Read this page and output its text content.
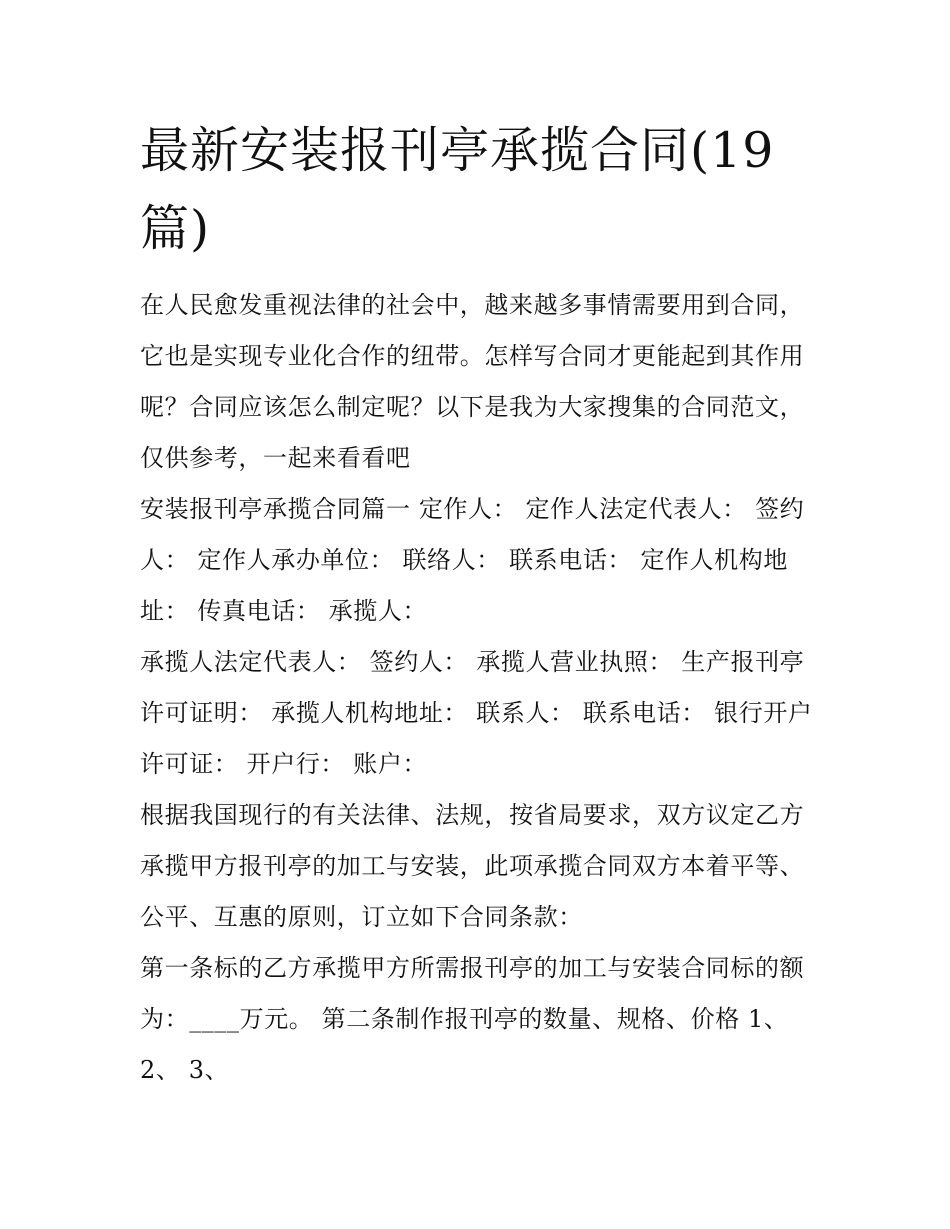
最新安装报刊亭承揽合同(19
篇)

在人民愈发重视法律的社会中，越来越多事情需要用到合同，它也是实现专业化合作的纽带。怎样写合同才更能起到其作用呢？合同应该怎么制定呢？以下是我为大家搜集的合同范文，仅供参考，一起来看看吧

安装报刊亭承揽合同篇一 定作人： 定作人法定代表人： 签约人： 定作人承办单位： 联络人： 联系电话： 定作人机构地址： 传真电话： 承揽人：

承揽人法定代表人： 签约人： 承揽人营业执照： 生产报刊亭许可证明： 承揽人机构地址： 联系人： 联系电话： 银行开户许可证： 开户行： 账户：

根据我国现行的有关法律、法规，按省局要求，双方议定乙方承揽甲方报刊亭的加工与安装，此项承揽合同双方本着平等、公平、互惠的原则，订立如下合同条款：

第一条标的乙方承揽甲方所需报刊亭的加工与安装合同标的额为：____万元。 第二条制作报刊亭的数量、规格、价格 1、 2、 3、
